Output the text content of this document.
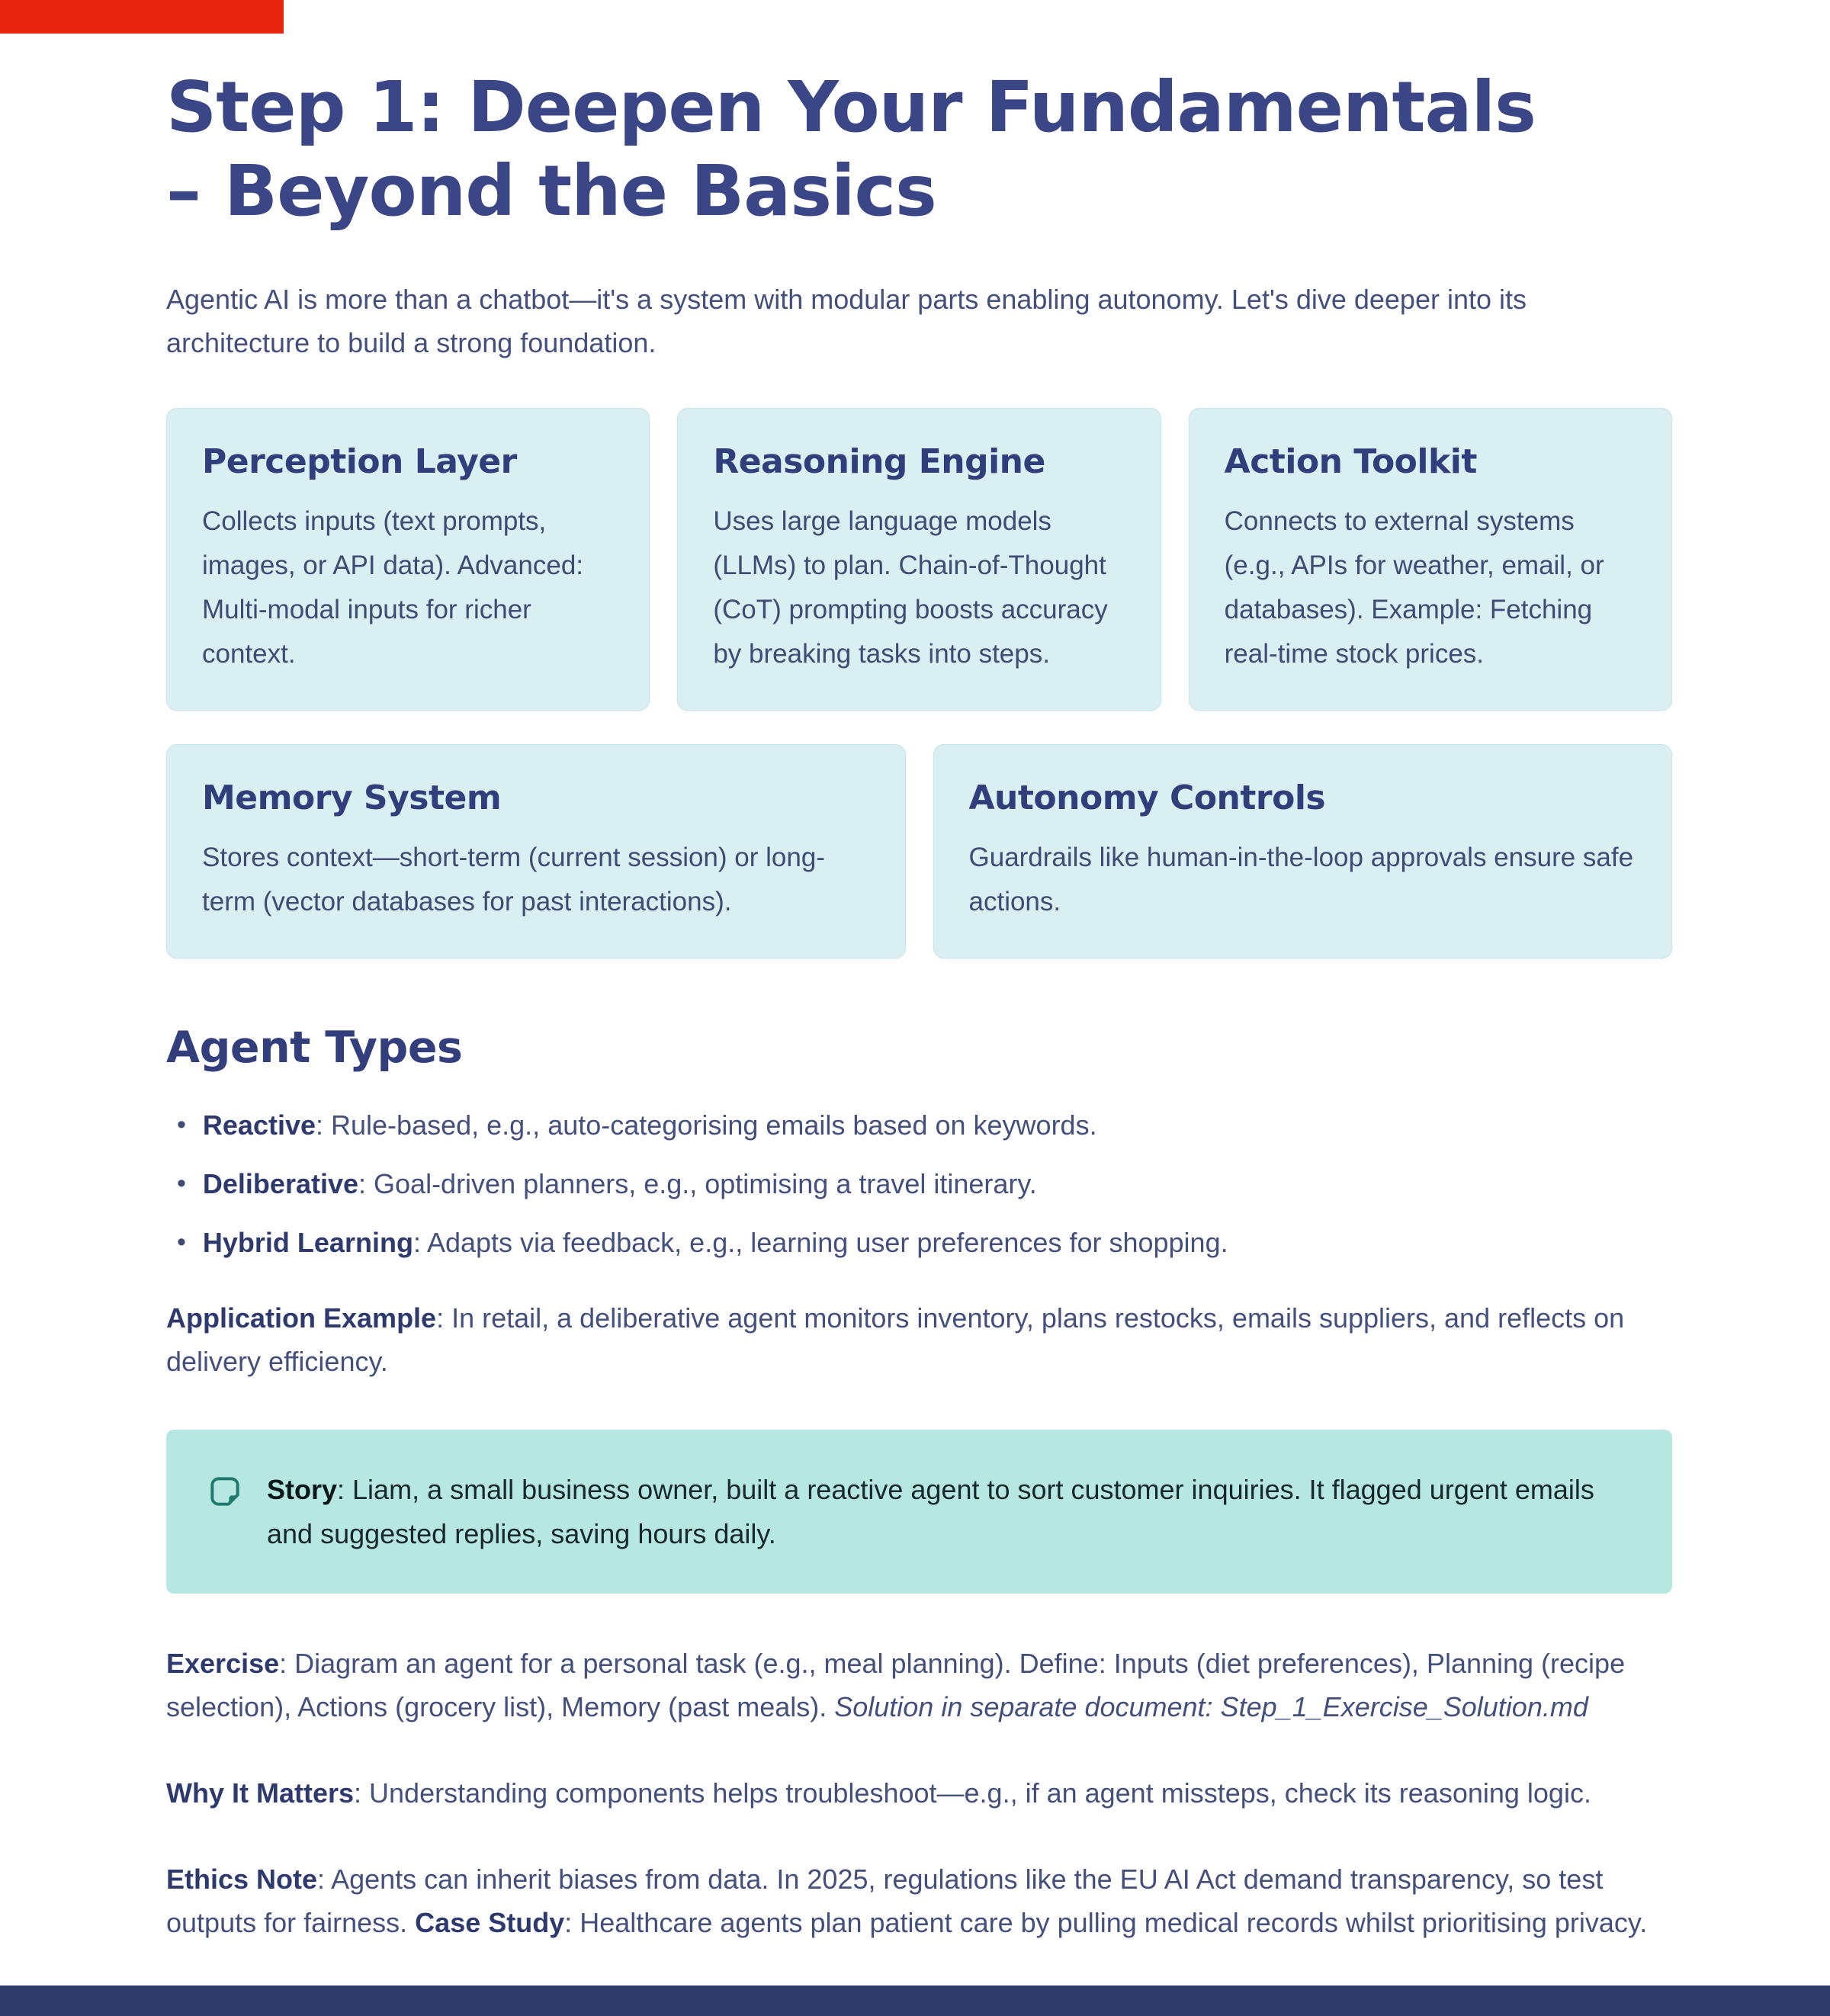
Step 1: Deepen Your Fundamentals
– Beyond the Basics

Agentic AI is more than a chatbot—it's a system with modular parts enabling autonomy. Let's dive deeper into its architecture to build a strong foundation.

Perception Layer

Collects inputs (text prompts, images, or API data). Advanced: Multi-modal inputs for richer context.

Reasoning Engine

Uses large language models (LLMs) to plan. Chain-of-Thought (CoT) prompting boosts accuracy by breaking tasks into steps.

Action Toolkit

Connects to external systems (e.g., APIs for weather, email, or databases). Example: Fetching real-time stock prices.

Memory System

Stores context—short-term (current session) or long-term (vector databases for past interactions).

Autonomy Controls

Guardrails like human-in-the-loop approvals ensure safe actions.

Agent Types
• Reactive: Rule-based, e.g., auto-categorising emails based on keywords.
• Deliberative: Goal-driven planners, e.g., optimising a travel itinerary.
• Hybrid Learning: Adapts via feedback, e.g., learning user preferences for shopping.

Application Example: In retail, a deliberative agent monitors inventory, plans restocks, emails suppliers, and reflects on delivery efficiency.

Story: Liam, a small business owner, built a reactive agent to sort customer inquiries. It flagged urgent emails and suggested replies, saving hours daily.

Exercise: Diagram an agent for a personal task (e.g., meal planning). Define: Inputs (diet preferences), Planning (recipe selection), Actions (grocery list), Memory (past meals). Solution in separate document: Step_1_Exercise_Solution.md

Why It Matters: Understanding components helps troubleshoot—e.g., if an agent missteps, check its reasoning logic.

Ethics Note: Agents can inherit biases from data. In 2025, regulations like the EU AI Act demand transparency, so test outputs for fairness. Case Study: Healthcare agents plan patient care by pulling medical records whilst prioritising privacy.
